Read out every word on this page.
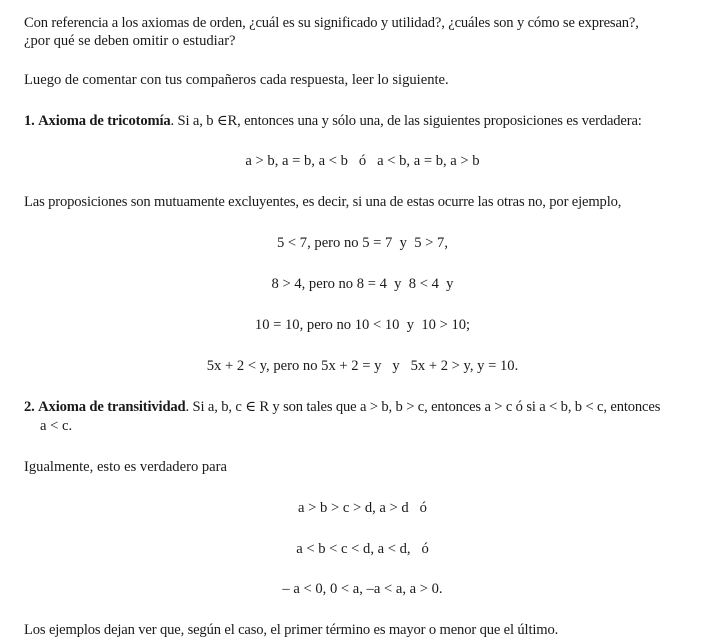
Con referencia a los axiomas de orden, ¿cuál es su significado y utilidad?, ¿cuáles son y cómo se expresan?,
¿por qué se deben omitir o estudiar?
Luego de comentar con tus compañeros cada respuesta, leer lo siguiente.
1. Axioma de tricotomía. Si a, b ∈R, entonces una y sólo una, de las siguientes proposiciones es verdadera:
a > b, a = b, a < b   ó   a < b, a = b, a > b
Las proposiciones son mutuamente excluyentes, es decir, si una de estas ocurre las otras no, por ejemplo,
5 < 7, pero no 5 = 7  y  5 > 7,
8 > 4, pero no 8 = 4  y  8 < 4  y
10 = 10, pero no 10 < 10  y  10 > 10;
5x + 2 < y, pero no 5x + 2 = y   y   5x + 2 > y, y = 10.
2. Axioma de transitividad. Si a, b, c ∈ R y son tales que a > b, b > c, entonces a > c ó si a < b, b < c, entonces
a < c.
Igualmente, esto es verdadero para
a > b > c > d, a > d   ó
a < b < c < d, a < d,   ó
– a < 0, 0 < a, –a < a, a > 0.
Los ejemplos dejan ver que, según el caso, el primer término es mayor o menor que el último.
